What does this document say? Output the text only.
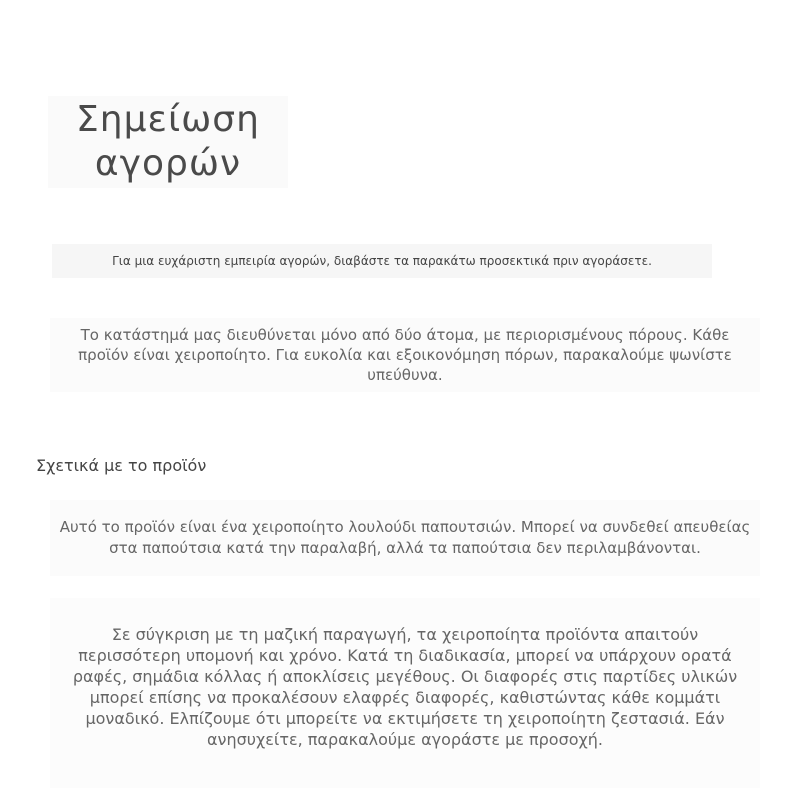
Σημείωση αγορών

Για μια ευχάριστη εμπειρία αγορών, διαβάστε τα παρακάτω προσεκτικά πριν αγοράσετε.

Το κατάστημά μας διευθύνεται μόνο από δύο άτομα, με περιορισμένους πόρους. Κάθε προϊόν είναι χειροποίητο. Για ευκολία και εξοικονόμηση πόρων, παρακαλούμε ψωνίστε υπεύθυνα.

Σχετικά με το προϊόν

Αυτό το προϊόν είναι ένα χειροποίητο λουλούδι παπουτσιών. Μπορεί να συνδεθεί απευθείας στα παπούτσια κατά την παραλαβή, αλλά τα παπούτσια δεν περιλαμβάνονται.

Σε σύγκριση με τη μαζική παραγωγή, τα χειροποίητα προϊόντα απαιτούν περισσότερη υπομονή και χρόνο. Κατά τη διαδικασία, μπορεί να υπάρχουν ορατά ραφές, σημάδια κόλλας ή αποκλίσεις μεγέθους. Οι διαφορές στις παρτίδες υλικών μπορεί επίσης να προκαλέσουν ελαφρές διαφορές, καθιστώντας κάθε κομμάτι μοναδικό. Ελπίζουμε ότι μπορείτε να εκτιμήσετε τη χειροποίητη ζεστασιά. Εάν ανησυχείτε, παρακαλούμε αγοράστε με προσοχή.
